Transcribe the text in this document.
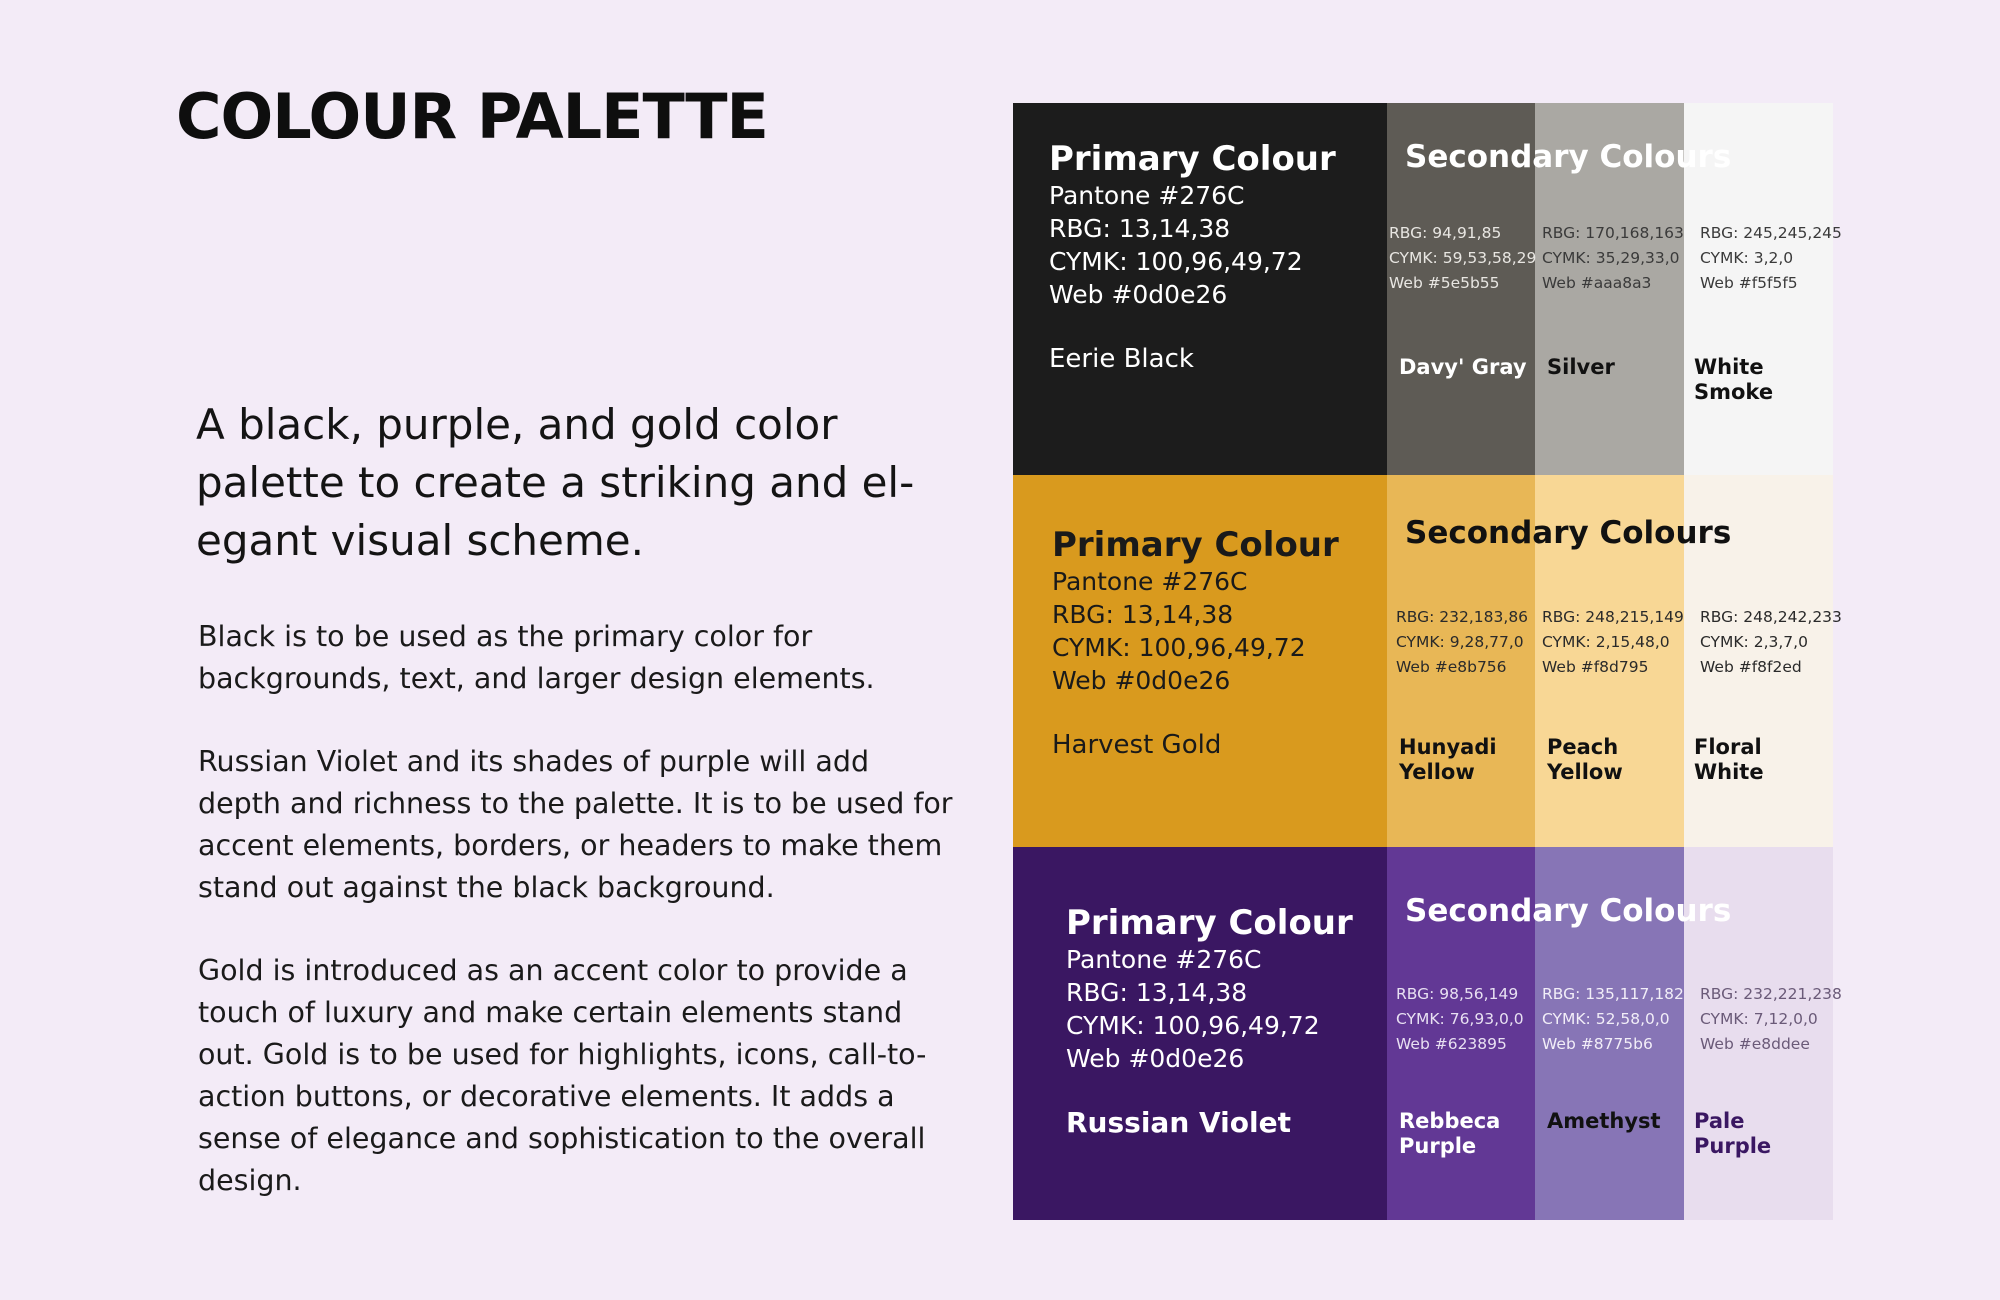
COLOUR PALETTE

A black, purple, and gold color palette to create a striking and el-egant visual scheme.

Black is to be used as the primary color for backgrounds, text, and larger design elements.

Russian Violet and its shades of purple will add depth and richness to the palette. It is to be used for accent elements, borders, or headers to make them stand out against the black background.

Gold is introduced as an accent color to provide a touch of luxury and make certain elements stand out. Gold is to be used for highlights, icons, call-to-action buttons, or decorative elements. It adds a sense of elegance and sophistication to the overall design.

Primary Colour
Pantone #276C
RBG: 13,14,38
CYMK: 100,96,49,72
Web #0d0e26
Eerie Black
RBG: 94,91,85
CYMK: 59,53,58,29
Web #5e5b55
Davy' Gray
RBG: 170,168,163
CYMK: 35,29,33,0
Web #aaa8a3
Silver
RBG: 245,245,245
CYMK: 3,2,0
Web #f5f5f5
White Smoke
Secondary Colours
Primary Colour
Pantone #276C
RBG: 13,14,38
CYMK: 100,96,49,72
Web #0d0e26
Harvest Gold
RBG: 232,183,86
CYMK: 9,28,77,0
Web #e8b756
Hunyadi Yellow
RBG: 248,215,149
CYMK: 2,15,48,0
Web #f8d795
Peach Yellow
RBG: 248,242,233
CYMK: 2,3,7,0
Web #f8f2ed
Floral White
Secondary Colours
Primary Colour
Pantone #276C
RBG: 13,14,38
CYMK: 100,96,49,72
Web #0d0e26
Russian Violet
RBG: 98,56,149
CYMK: 76,93,0,0
Web #623895
Rebbeca Purple
RBG: 135,117,182
CYMK: 52,58,0,0
Web #8775b6
Amethyst
RBG: 232,221,238
CYMK: 7,12,0,0
Web #e8ddee
Pale Purple
Secondary Colours
